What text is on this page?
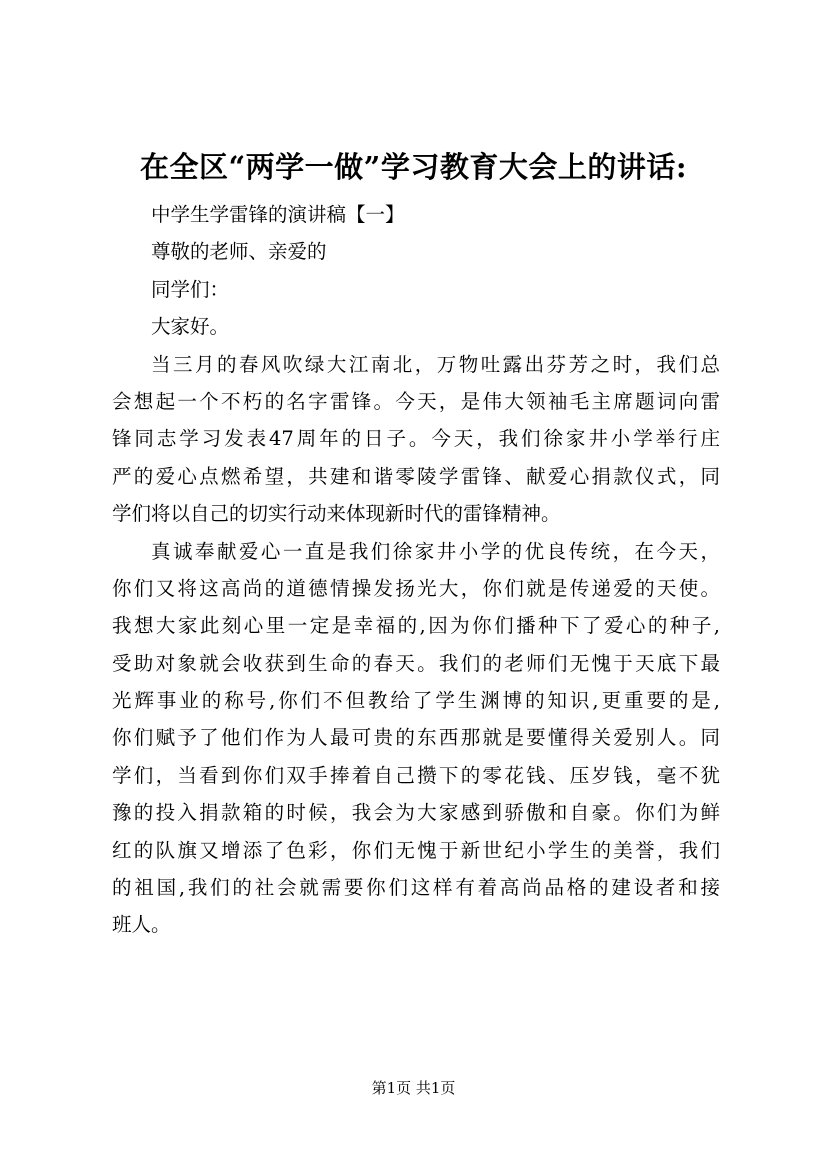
在全区“两学一做”学习教育大会上的讲话:
中学生学雷锋的演讲稿【一】
尊敬的老师、亲爱的
同学们：
大家好。
当三月的春风吹绿大江南北，万物吐露出芬芳之时，我们总
会想起一个不朽的名字雷锋。今天，是伟大领袖毛主席题词向雷
锋同志学习发表47周年的日子。今天，我们徐家井小学举行庄
严的爱心点燃希望，共建和谐零陵学雷锋、献爱心捐款仪式，同
学们将以自己的切实行动来体现新时代的雷锋精神。
真诚奉献爱心一直是我们徐家井小学的优良传统，在今天，
你们又将这高尚的道德情操发扬光大，你们就是传递爱的天使。
我想大家此刻心里一定是幸福的,因为你们播种下了爱心的种子,
受助对象就会收获到生命的春天。我们的老师们无愧于天底下最
光辉事业的称号,你们不但教给了学生渊博的知识,更重要的是,
你们赋予了他们作为人最可贵的东西那就是要懂得关爱别人。同
学们，当看到你们双手捧着自己攒下的零花钱、压岁钱，毫不犹
豫的投入捐款箱的时候，我会为大家感到骄傲和自豪。你们为鲜
红的队旗又增添了色彩，你们无愧于新世纪小学生的美誉，我们
的祖国,我们的社会就需要你们这样有着高尚品格的建设者和接
班人。
第1页 共1页
